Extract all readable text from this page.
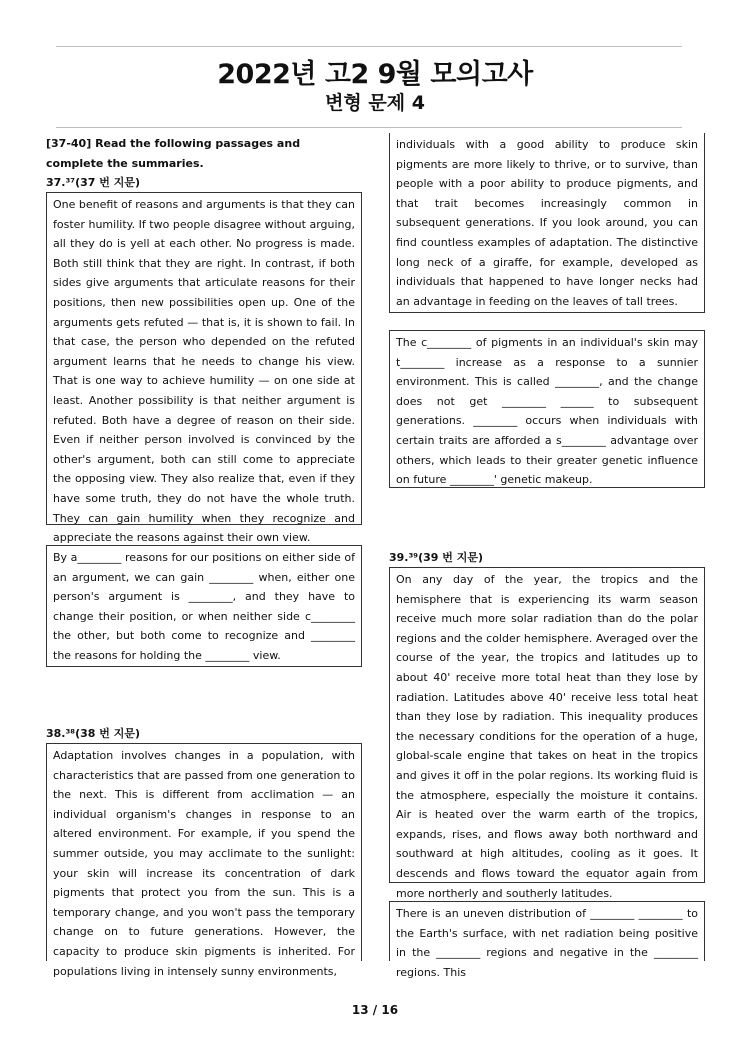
2022년 고2 9월 모의고사
변형 문제 4
[37-40] Read the following passages and complete the summaries.
37.³⁷(37 번 지문)
One benefit of reasons and arguments is that they can foster humility. If two people disagree without arguing, all they do is yell at each other. No progress is made. Both still think that they are right. In contrast, if both sides give arguments that articulate reasons for their positions, then new possibilities open up. One of the arguments gets refuted — that is, it is shown to fail. In that case, the person who depended on the refuted argument learns that he needs to change his view. That is one way to achieve humility — on one side at least. Another possibility is that neither argument is refuted. Both have a degree of reason on their side. Even if neither person involved is convinced by the other's argument, both can still come to appreciate the opposing view. They also realize that, even if they have some truth, they do not have the whole truth. They can gain humility when they recognize and appreciate the reasons against their own view.
By a________ reasons for our positions on either side of an argument, we can gain ________ when, either one person's argument is ________, and they have to change their position, or when neither side c________ the other, but both come to recognize and ________ the reasons for holding the ________ view.
38.³⁸(38 번 지문)
Adaptation involves changes in a population, with characteristics that are passed from one generation to the next. This is different from acclimation — an individual organism's changes in response to an altered environment. For example, if you spend the summer outside, you may acclimate to the sunlight: your skin will increase its concentration of dark pigments that protect you from the sun. This is a temporary change, and you won't pass the temporary change on to future generations. However, the capacity to produce skin pigments is inherited. For populations living in intensely sunny environments,
individuals with a good ability to produce skin pigments are more likely to thrive, or to survive, than people with a poor ability to produce pigments, and that trait becomes increasingly common in subsequent generations. If you look around, you can find countless examples of adaptation. The distinctive long neck of a giraffe, for example, developed as individuals that happened to have longer necks had an advantage in feeding on the leaves of tall trees.
The c________ of pigments in an individual's skin may t________ increase as a response to a sunnier environment. This is called ________, and the change does not get ________ ______ to subsequent generations. ________ occurs when individuals with certain traits are afforded a s________ advantage over others, which leads to their greater genetic influence on future ________' genetic makeup.
39.³⁹(39 번 지문)
On any day of the year, the tropics and the hemisphere that is experiencing its warm season receive much more solar radiation than do the polar regions and the colder hemisphere. Averaged over the course of the year, the tropics and latitudes up to about 40' receive more total heat than they lose by radiation. Latitudes above 40' receive less total heat than they lose by radiation. This inequality produces the necessary conditions for the operation of a huge, global-scale engine that takes on heat in the tropics and gives it off in the polar regions. Its working fluid is the atmosphere, especially the moisture it contains. Air is heated over the warm earth of the tropics, expands, rises, and flows away both northward and southward at high altitudes, cooling as it goes. It descends and flows toward the equator again from more northerly and southerly latitudes.
There is an uneven distribution of ________ ________ to the Earth's surface, with net radiation being positive in the ________ regions and negative in the ________ regions. This
13 / 16
